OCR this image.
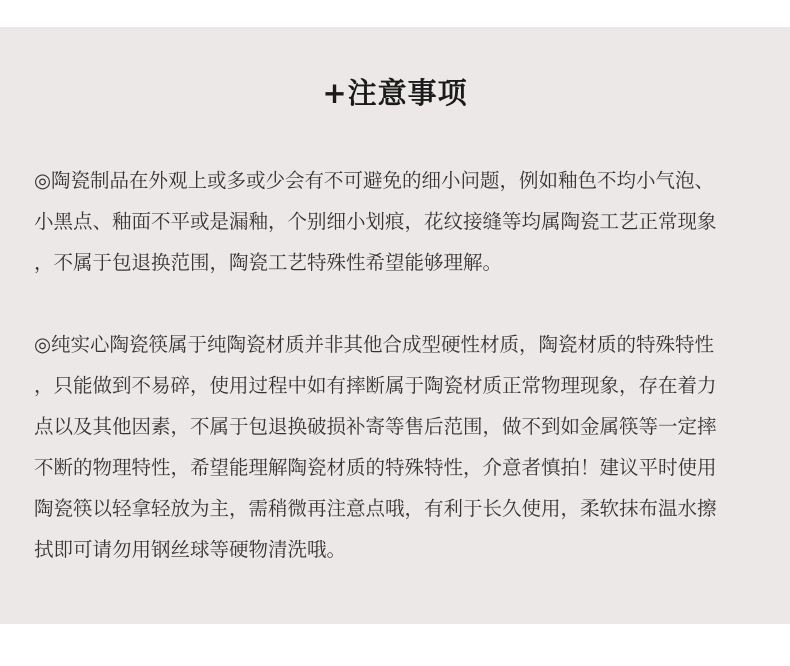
+注意事项
◎陶瓷制品在外观上或多或少会有不可避免的细小问题，例如釉色不均小气泡、
小黑点、釉面不平或是漏釉，个别细小划痕，花纹接缝等均属陶瓷工艺正常现象
，不属于包退换范围，陶瓷工艺特殊性希望能够理解。
◎纯实心陶瓷筷属于纯陶瓷材质并非其他合成型硬性材质，陶瓷材质的特殊特性
，只能做到不易碎，使用过程中如有摔断属于陶瓷材质正常物理现象，存在着力
点以及其他因素，不属于包退换破损补寄等售后范围，做不到如金属筷等一定摔
不断的物理特性，希望能理解陶瓷材质的特殊特性，介意者慎拍！建议平时使用
陶瓷筷以轻拿轻放为主，需稍微再注意点哦，有利于长久使用，柔软抹布温水擦
拭即可请勿用钢丝球等硬物清洗哦。
